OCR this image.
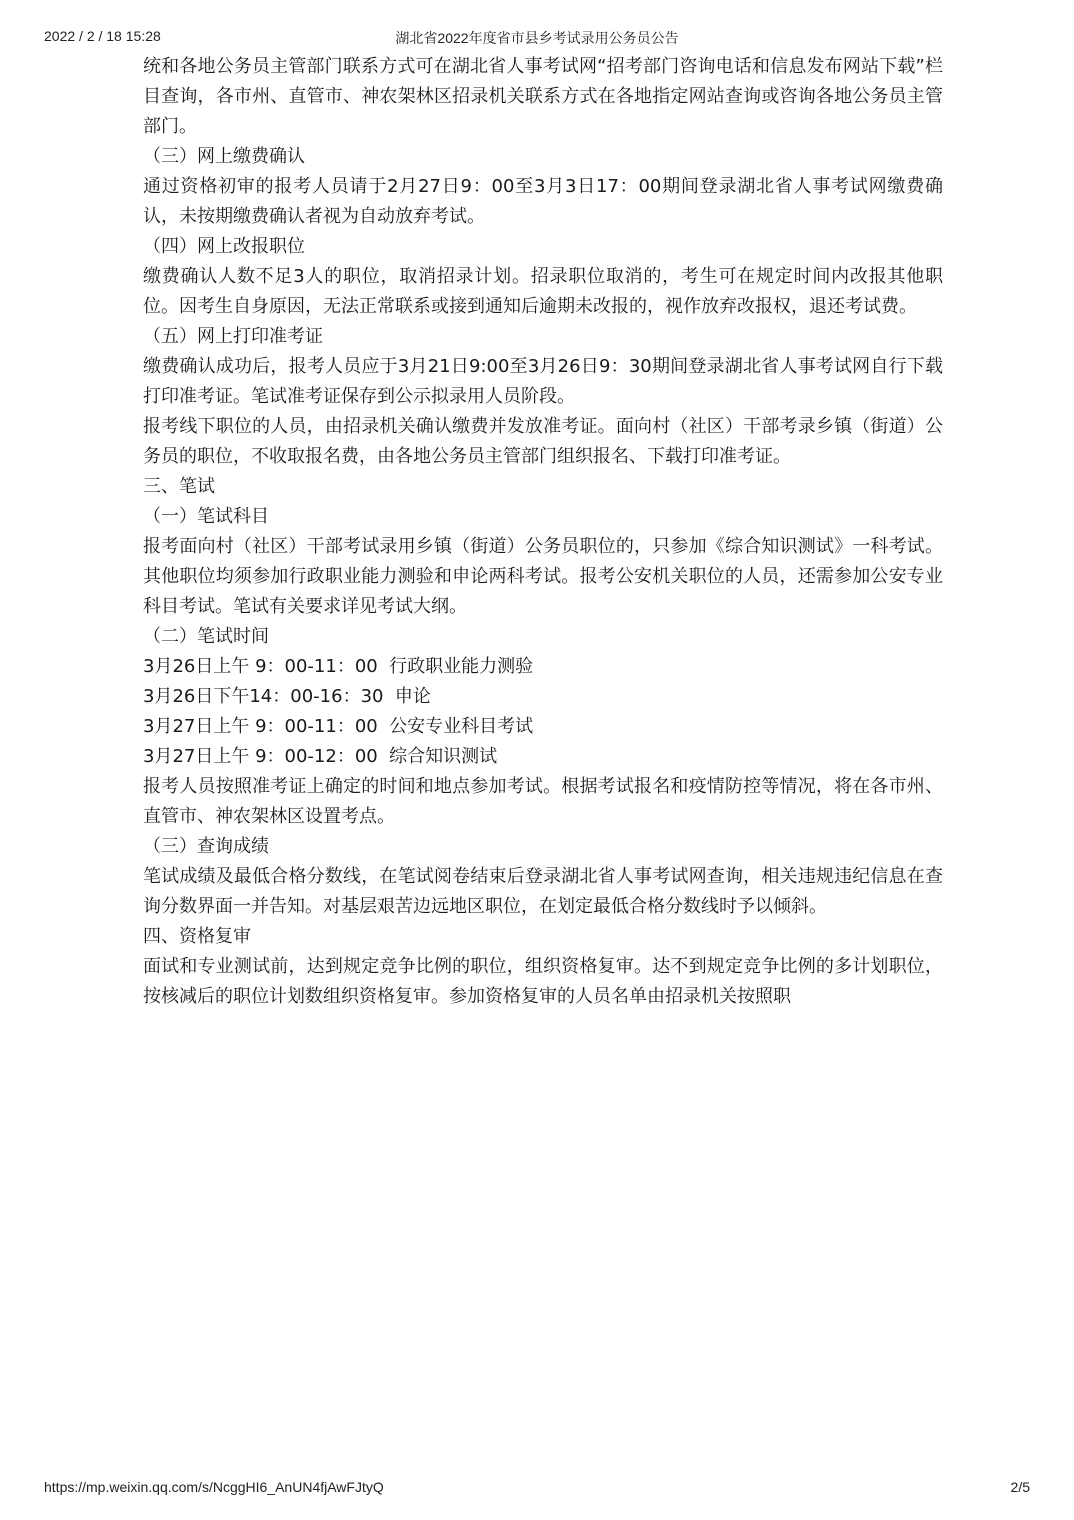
2022 / 2 / 18 15:28	湖北省2022年度省市县乡考试录用公务员公告

统和各地公务员主管部门联系方式可在湖北省人事考试网“招考部门咨询电话和信息发布网站下载”栏目查询，各市州、直管市、神农架林区招录机关联系方式在各地指定网站查询或咨询各地公务员主管部门。

（三）网上缴费确认

通过资格初审的报考人员请于2月27日9：00至3月3日17：00期间登录湖北省人事考试网缴费确认，未按期缴费确认者视为自动放弃考试。

（四）网上改报职位

缴费确认人数不足3人的职位，取消招录计划。招录职位取消的，考生可在规定时间内改报其他职位。因考生自身原因，无法正常联系或接到通知后逾期未改报的，视作放弃改报权，退还考试费。

（五）网上打印准考证

缴费确认成功后，报考人员应于3月21日9:00至3月26日9：30期间登录湖北省人事考试网自行下载打印准考证。笔试准考证保存到公示拟录用人员阶段。

报考线下职位的人员，由招录机关确认缴费并发放准考证。面向村（社区）干部考录乡镇（街道）公务员的职位，不收取报名费，由各地公务员主管部门组织报名、下载打印准考证。

三、笔试

（一）笔试科目

报考面向村（社区）干部考试录用乡镇（街道）公务员职位的，只参加《综合知识测试》一科考试。其他职位均须参加行政职业能力测验和申论两科考试。报考公安机关职位的人员，还需参加公安专业科目考试。笔试有关要求详见考试大纲。

（二）笔试时间

3月26日上午 9：00-11：00  行政职业能力测验

3月26日下午14：00-16：30  申论

3月27日上午 9：00-11：00  公安专业科目考试

3月27日上午 9：00-12：00  综合知识测试

报考人员按照准考证上确定的时间和地点参加考试。根据考试报名和疫情防控等情况，将在各市州、直管市、神农架林区设置考点。

（三）查询成绩

笔试成绩及最低合格分数线，在笔试阅卷结束后登录湖北省人事考试网查询，相关违规违纪信息在查询分数界面一并告知。对基层艰苦边远地区职位，在划定最低合格分数线时予以倾斜。

四、资格复审

面试和专业测试前，达到规定竞争比例的职位，组织资格复审。达不到规定竞争比例的多计划职位，按核减后的职位计划数组织资格复审。参加资格复审的人员名单由招录机关按照职

https://mp.weixin.qq.com/s/NcggHI6_AnUN4fjAwFJtyQ	2/5
